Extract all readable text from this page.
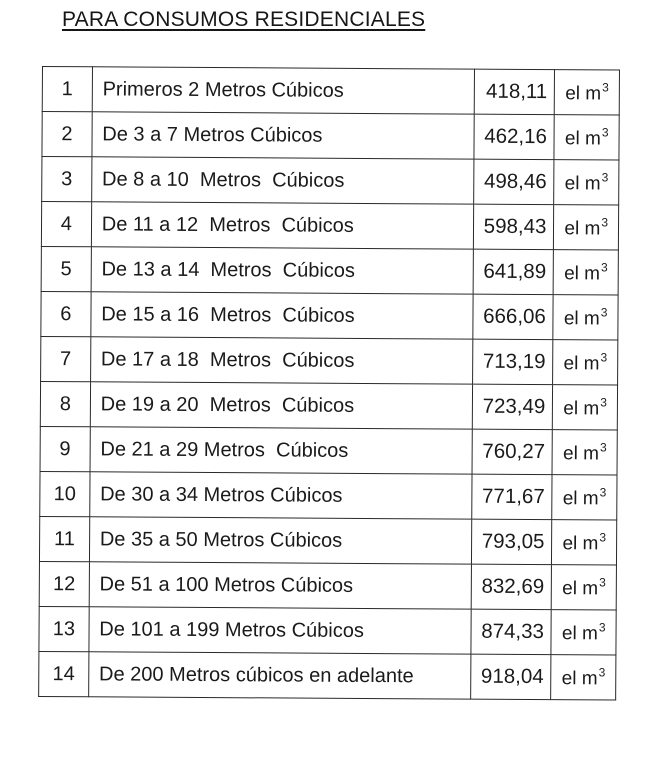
PARA CONSUMOS RESIDENCIALES
1	Primeros 2 Metros Cúbicos	418,11	el $m^3$
2	De 3 a 7 Metros Cúbicos	462,16	el $m^3$
3	De 8 a 10  Metros  Cúbicos	498,46	el $m^3$
4	De 11 a 12  Metros  Cúbicos	598,43	el $m^3$
5	De 13 a 14  Metros  Cúbicos	641,89	el $m^3$
6	De 15 a 16  Metros  Cúbicos	666,06	el $m^3$
7	De 17 a 18  Metros  Cúbicos	713,19	el $m^3$
8	De 19 a 20  Metros  Cúbicos	723,49	el $m^3$
9	De 21 a 29 Metros  Cúbicos	760,27	el $m^3$
10	De 30 a 34 Metros Cúbicos	771,67	el $m^3$
11	De 35 a 50 Metros Cúbicos	793,05	el $m^3$
12	De 51 a 100 Metros Cúbicos	832,69	el $m^3$
13	De 101 a 199 Metros Cúbicos	874,33	el $m^3$
14	De 200 Metros cúbicos en adelante	918,04	el $m^3$
